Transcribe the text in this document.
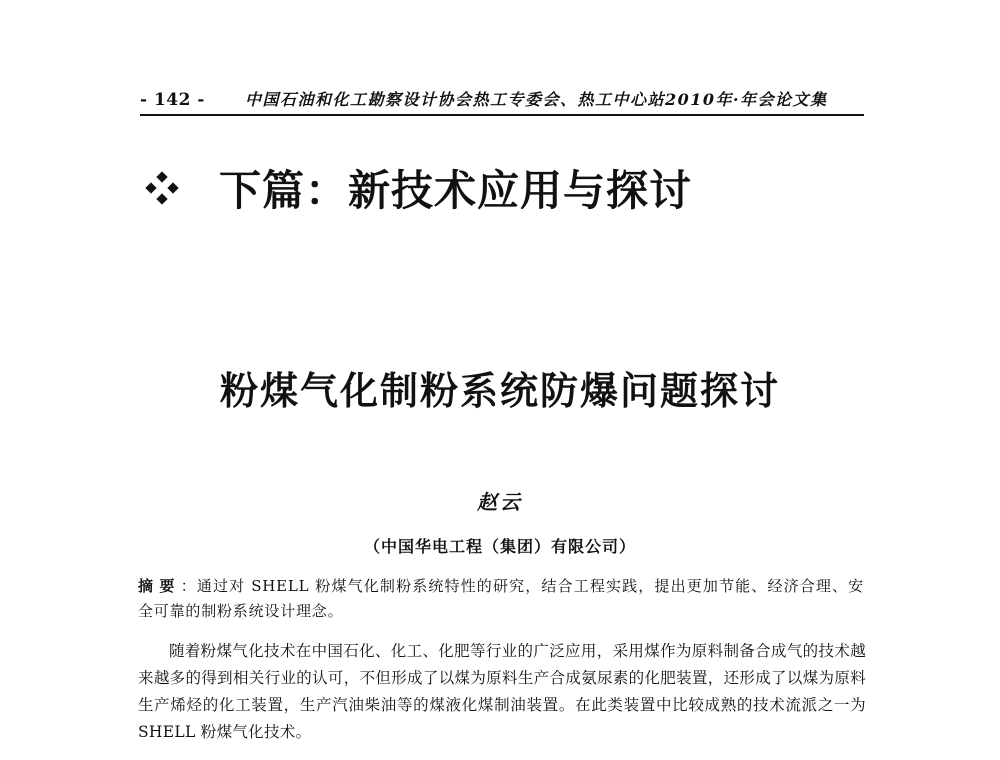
- 142 -	中国石油和化工勘察设计协会热工专委会、热工中心站2010年·年会论文集
下篇：新技术应用与探讨
粉煤气化制粉系统防爆问题探讨
赵云
（中国华电工程（集团）有限公司）
摘要：通过对 SHELL 粉煤气化制粉系统特性的研究，结合工程实践，提出更加节能、经济合理、安全可靠的制粉系统设计理念。

随着粉煤气化技术在中国石化、化工、化肥等行业的广泛应用，采用煤作为原料制备合成气的技术越来越多的得到相关行业的认可，不但形成了以煤为原料生产合成氨尿素的化肥装置，还形成了以煤为原料生产烯烃的化工装置，生产汽油柴油等的煤液化煤制油装置。在此类装置中比较成熟的技术流派之一为 SHELL 粉煤气化技术。
